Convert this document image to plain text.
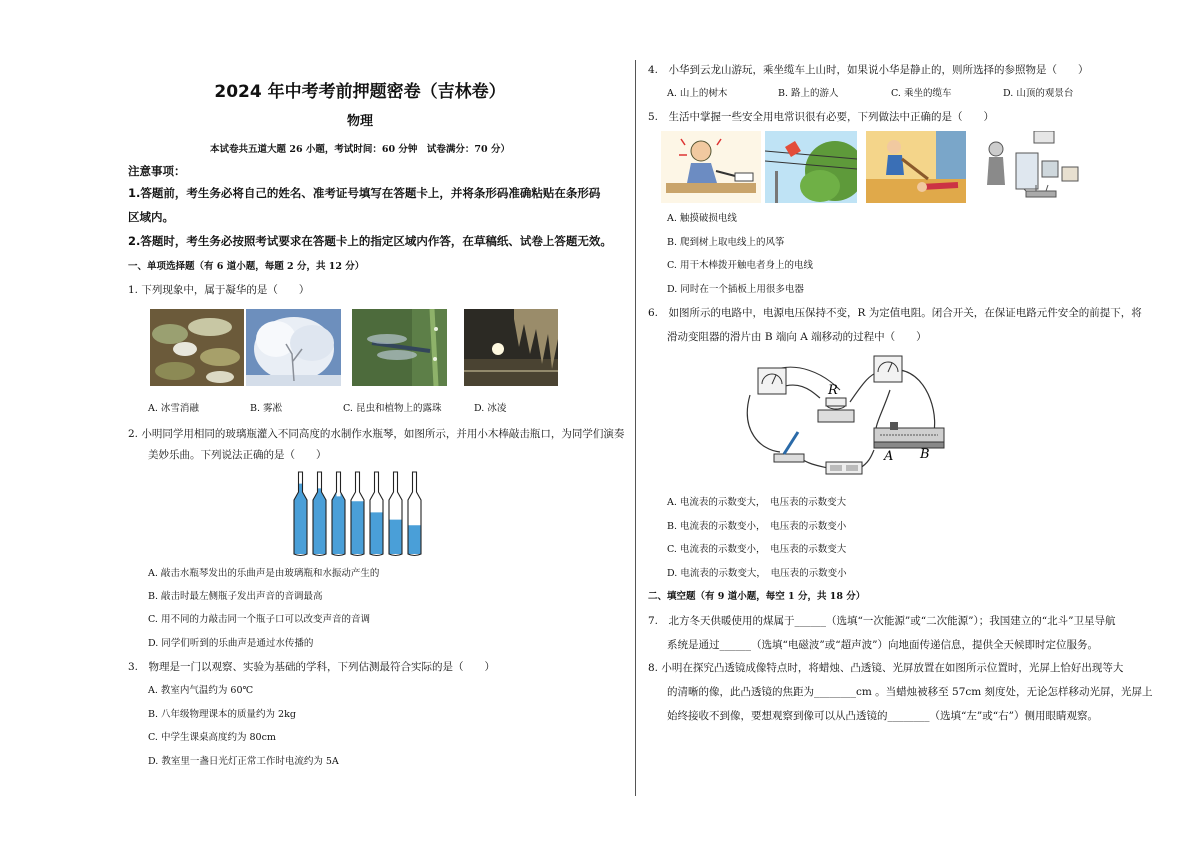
2024 年中考考前押题密卷（吉林卷）
物理
本试卷共五道大题 26 小题，考试时间：60 分钟　试卷满分：70 分）
注意事项：
1.答题前，考生务必将自己的姓名、准考证号填写在答题卡上，并将条形码准确粘贴在条形码
区域内。
2.答题时，考生务必按照考试要求在答题卡上的指定区域内作答，在草稿纸、试卷上答题无效。
一、单项选择题（有 6 道小题，每题 2 分，共 12 分）
1. 下列现象中，属于凝华的是（　　）
A. 冰雪消融	B. 雾凇	C. 昆虫和植物上的露珠	D. 冰凌
2. 小明同学用相同的玻璃瓶灌入不同高度的水制作水瓶琴，如图所示，并用小木棒敲击瓶口，为同学们演奏
美妙乐曲。下列说法正确的是（　　）
A. 敲击水瓶琴发出的乐曲声是由玻璃瓶和水振动产生的
B. 敲击时最左侧瓶子发出声音的音调最高
C. 用不同的力敲击同一个瓶子口可以改变声音的音调
D. 同学们听到的乐曲声是通过水传播的
3.　物理是一门以观察、实验为基础的学科，下列估测最符合实际的是（　　）
A. 教室内气温约为 60℃
B. 八年级物理课本的质量约为 2kg
C. 中学生课桌高度约为 80cm
D. 教室里一盏日光灯正常工作时电流约为 5A
4.　小华到云龙山游玩，乘坐缆车上山时，如果说小华是静止的，则所选择的参照物是（　　）
A. 山上的树木	B. 路上的游人	C. 乘坐的缆车	D. 山顶的观景台
5.　生活中掌握一些安全用电常识很有必要，下列做法中正确的是（　　）
A. 触摸破损电线
B. 爬到树上取电线上的风筝
C. 用干木棒拨开触电者身上的电线
D. 同时在一个插板上用很多电器
6.　如图所示的电路中，电源电压保持不变，R 为定值电阻。闭合开关，在保证电路元件安全的前提下，将
滑动变阻器的滑片由 B 端向 A 端移动的过程中（　　）
R
A B
A. 电流表的示数变大，　电压表的示数变大
B. 电流表的示数变小，　电压表的示数变小
C. 电流表的示数变小，　电压表的示数变大
D. 电流表的示数变大，　电压表的示数变小
二、填空题（有 9 道小题，每空 1 分，共 18 分）
7.　北方冬天供暖使用的煤属于______（选填“一次能源”或“二次能源”）；我国建立的“北斗”卫星导航
系统是通过______（选填“电磁波”或“超声波”）向地面传递信息，提供全天候即时定位服务。
8. 小明在探究凸透镜成像特点时，将蜡烛、凸透镜、光屏放置在如图所示位置时，光屏上恰好出现等大
的清晰的像，此凸透镜的焦距为________cm 。当蜡烛被移至 57cm 刻度处，无论怎样移动光屏，光屏上
始终接收不到像，要想观察到像可以从凸透镜的________（选填“左”或“右”）侧用眼睛观察。
